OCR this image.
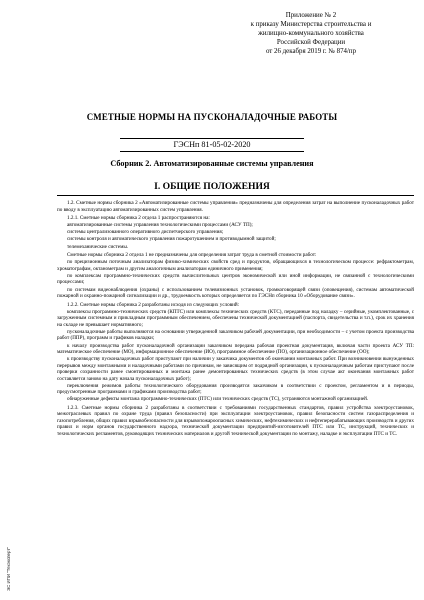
Приложение № 2
к приказу Министерства строительства и
жилищно-коммунального хозяйства
Российской Федерации
от 26 декабря 2019 г. № 874/пр
СМЕТНЫЕ НОРМЫ НА ПУСКОНАЛАДОЧНЫЕ РАБОТЫ
ГЭСНп 81-05-02-2020
Сборник 2. Автоматизированные системы управления
I. ОБЩИЕ ПОЛОЖЕНИЯ

1.2. Сметные нормы сборника 2 «Автоматизированные системы управления» предназначены для определения затрат на выполнение пусконаладочных работ по вводу в эксплуатацию автоматизированных систем управления.

1.2.1. Сметные нормы сборника 2 отдела 1 распространяются на:

автоматизированные системы управления технологическими процессами (АСУ ТП);

системы централизованного оперативного диспетчерского управления;

системы контроля и автоматического управления пожаротушением и противодымной защитой;

телемеханические системы.

Сметные нормы сборника 2 отдела 1 не предназначены для определения затрат труда в сметной стоимости работ:

по прецизионным поточным анализаторам физико-химических свойств сред и продуктов, обращающихся в технологическом процессе: рефрактометрам, хроматографам, октанометрам и другим аналогичным анализаторам единичного применения;

по комплексам программно-технических средств вычислительных центров экономической или иной информации, не связанной с технологическими процессами;

по системам видеонаблюдения (охраны) с использованием телевизионных установок, громкоговорящей связи (оповещения), системам автоматической пожарной и охранно-пожарной сигнализации и др., трудоемкость которых определяется по ГЭСНп сборника 10 «Оборудование связи».

1.2.2. Сметные нормы сборника 2 разработаны исходя из следующих условий:

комплексы программно-технических средств (КПТС) или комплексы технических средств (КТС), переданные под наладку – серийные, укомплектованные, с загруженным системным и прикладным программным обеспечением, обеспечены технической документацией (паспорта, свидетельства и т.п.), срок их хранения на складе не превышает нормативного;

пусконаладочные работы выполняются на основании утвержденной заказчиком рабочей документации, при необходимости – с учетом проекта производства работ (ППР), программ и графиков наладки;

к началу производства работ пусконаладочной организации заказчиком передана рабочая проектная документация, включая части проекта АСУ ТП: математическое обеспечение (МО), информационное обеспечение (ИО), программное обеспечение (ПО), организационное обеспечение (ОО);

к производству пусконаладочных работ приступают при наличии у заказчика документов об окончании монтажных работ. При возникновении вынужденных перерывов между монтажными и наладочными работами по причинам, не зависящим от подрядной организации, к пусконаладочным работам приступают после проверки сохранности ранее смонтированных и монтажа ранее демонтированных технических средств (в этом случае акт окончания монтажных работ составляется заново на дату начала пусконаладочных работ);

переключения режимов работы технологического оборудования производятся заказчиком в соответствии с проектом, регламентом и в периоды, предусмотренные программами и графиками производства работ;

обнаруженные дефекты монтажа программно-технических (ПТС) или технических средств (ТС), устраняются монтажной организацией.

1.2.3. Сметные нормы сборника 2 разработаны в соответствии с требованиями государственных стандартов, правил устройства электроустановок, межотраслевых правил по охране труда (правил безопасности) при эксплуатации электроустановок, правил безопасности систем газораспределения и газопотребления, общих правил взрывобезопасности для взрывопожароопасных химических, нефтехимических и нефтеперерабатывающих производств и других правил и норм органов государственного надзора, технической документации предприятий-изготовителей ПТС или ТС, инструкций, технических и технологических регламентов, руководящих технических материалов и другой технической документации по монтажу, наладке и эксплуатации ПТС и ТС.

ЭС ИПИ "Техэксперт"
